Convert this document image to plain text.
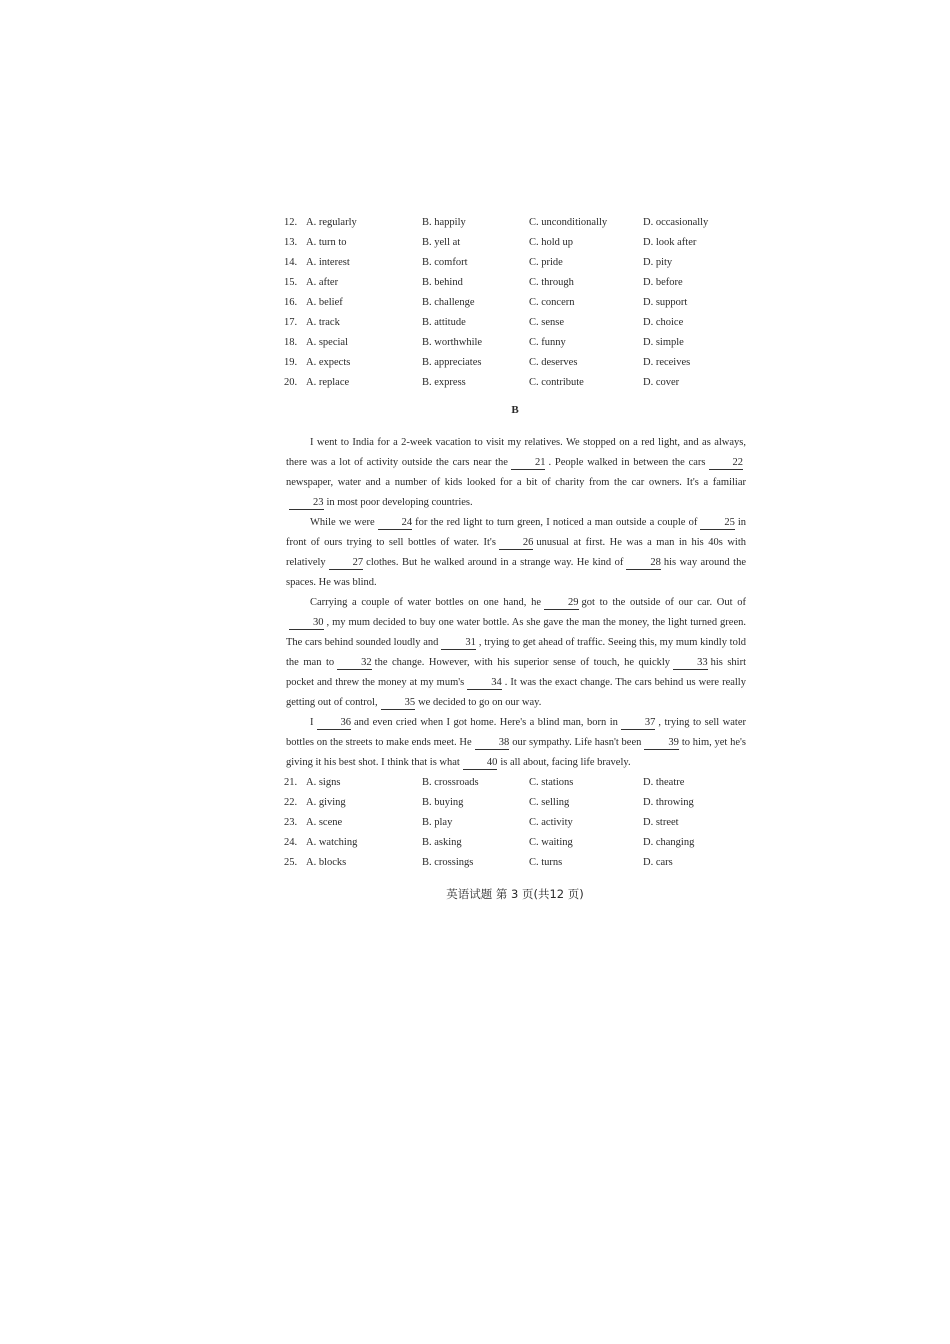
12. A. regularly	B. happily	C. unconditionally	D. occasionally
13. A. turn to	B. yell at	C. hold up	D. look after
14. A. interest	B. comfort	C. pride	D. pity
15. A. after	B. behind	C. through	D. before
16. A. belief	B. challenge	C. concern	D. support
17. A. track	B. attitude	C. sense	D. choice
18. A. special	B. worthwhile	C. funny	D. simple
19. A. expects	B. appreciates	C. deserves	D. receives
20. A. replace	B. express	C. contribute	D. cover
B

I went to India for a 2-week vacation to visit my relatives. We stopped on a red light, and as always, there was a lot of activity outside the cars near the	21 . People walked in between the cars	22newspaper, water and a number of kids looked for a bit of charity from the car owners. It's a familiar23 in most poor developing countries.

While we were	24 for the red light to turn green, I noticed a man outside a couple of	25 in front of ours trying to sell bottles of water. It's	26 unusual at first. He was a man in his 40s with relatively	27 clothes. But he walked around in a strange way. He kind of	28 his way around the spaces. He was blind.

Carrying a couple of water bottles on one hand, he	29 got to the outside of our car. Out of30 , my mum decided to buy one water bottle. As she gave the man the money, the light turned green. The cars behind sounded loudly and	31 , trying to get ahead of traffic. Seeing this, my mum kindly told the man to	32 the change. However, with his superior sense of touch, he quickly	33 his shirt pocket and threw the money at my mum's	34 . It was the exact change. The cars behind us were really getting out of control,	35 we decided to go on our way.

I	36 and even cried when I got home. Here's a blind man, born in	37 , trying to sell water bottles on the streets to make ends meet. He	38 our sympathy. Life hasn't been	39 to him, yet he's giving it his best shot. I think that is what	40 is all about, facing life bravely.

21. A. signs	B. crossroads	C. stations	D. theatre
22. A. giving	B. buying	C. selling	D. throwing
23. A. scene	B. play	C. activity	D. street
24. A. watching	B. asking	C. waiting	D. changing
25. A. blocks	B. crossings	C. turns	D. cars
英语试题 第 3 页(共12 页)
